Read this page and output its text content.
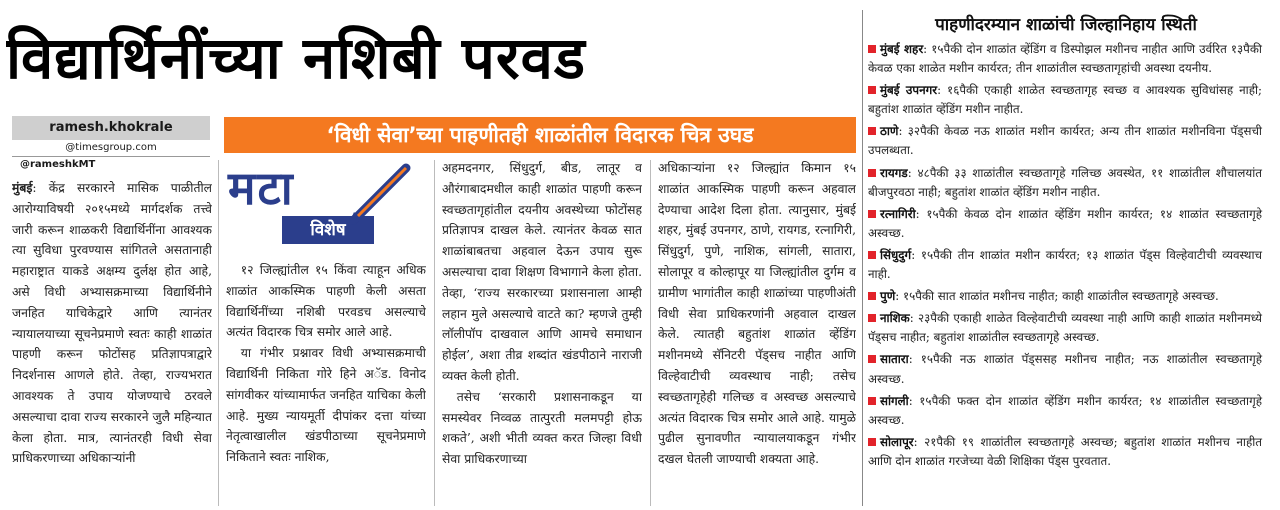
विद्यार्थिनींच्या नशिबी परवड
ramesh.khokrale
@timesgroup.com
@rameshkMT
‘विधी सेवा’च्या पाहणीतही शाळांतील विदारक चित्र उघड
मटा
विशेष

मुंबई: केंद्र सरकारने मासिक पाळीतील आरोग्याविषयी २०१५मध्ये मार्गदर्शक तत्त्वे जारी करून शाळकरी विद्यार्थिनींना आवश्यक त्या सुविधा पुरवण्यास सांगितले असतानाही महाराष्ट्रात याकडे अक्षम्य दुर्लक्ष होत आहे, असे विधी अभ्यासक्रमाच्या विद्यार्थिनीने जनहित याचिकेद्वारे आणि त्यानंतर न्यायालयाच्या सूचनेप्रमाणे स्वतः काही शाळांत पाहणी करून फोटोंसह प्रतिज्ञापत्राद्वारे निदर्शनास आणले होते. तेव्हा, राज्यभरात आवश्यक ते उपाय योजण्याचे ठरवले असल्याचा दावा राज्य सरकारने जुलै महिन्यात केला होता. मात्र, त्यानंतरही विधी सेवा प्राधिकरणाच्या अधिकाऱ्यांनी

१२ जिल्ह्यांतील १५ किंवा त्याहून अधिक शाळांत आकस्मिक पाहणी केली असता विद्यार्थिनींच्या नशिबी परवडच असल्याचे अत्यंत विदारक चित्र समोर आले आहे.

या गंभीर प्रश्नावर विधी अभ्यासक्रमाची विद्यार्थिनी निकिता गोरे हिने अॅड. विनोद सांगवीकर यांच्यामार्फत जनहित याचिका केली आहे. मुख्य न्यायमूर्ती दीपांकर दत्ता यांच्या नेतृत्वाखालील खंडपीठाच्या सूचनेप्रमाणे निकिताने स्वतः नाशिक,

अहमदनगर, सिंधुदुर्ग, बीड, लातूर व औरंगाबादमधील काही शाळांत पाहणी करून स्वच्छतागृहांतील दयनीय अवस्थेच्या फोटोंसह प्रतिज्ञापत्र दाखल केले. त्यानंतर केवळ सात शाळांबाबतचा अहवाल देऊन उपाय सुरू असल्याचा दावा शिक्षण विभागाने केला होता. तेव्हा, ‘राज्य सरकारच्या प्रशासनाला आम्ही लहान मुले असल्याचे वाटते का? म्हणजे तुम्ही लॉलीपॉप दाखवाल आणि आमचे समाधान होईल’, अशा तीव्र शब्दांत खंडपीठाने नाराजी व्यक्त केली होती.

तसेच ‘सरकारी प्रशासनाकडून या समस्येवर निव्वळ तात्पुरती मलमपट्टी होऊ शकते’, अशी भीती व्यक्त करत जिल्हा विधी सेवा प्राधिकरणाच्या

अधिकाऱ्यांना १२ जिल्ह्यांत किमान १५ शाळांत आकस्मिक पाहणी करून अहवाल देण्याचा आदेश दिला होता. त्यानुसार, मुंबई शहर, मुंबई उपनगर, ठाणे, रायगड, रत्नागिरी, सिंधुदुर्ग, पुणे, नाशिक, सांगली, सातारा, सोलापूर व कोल्हापूर या जिल्ह्यांतील दुर्गम व ग्रामीण भागांतील काही शाळांच्या पाहणीअंती विधी सेवा प्राधिकरणांनी अहवाल दाखल केले. त्यातही बहुतांश शाळांत व्हेंडिंग मशीनमध्ये सॅनिटरी पॅड्सच नाहीत आणि विल्हेवाटीची व्यवस्थाच नाही; तसेच स्वच्छतागृहेही गलिच्छ व अस्वच्छ असल्याचे अत्यंत विदारक चित्र समोर आले आहे. यामुळे पुढील सुनावणीत न्यायालयाकडून गंभीर दखल घेतली जाण्याची शक्यता आहे.

पाहणीदरम्यान शाळांची जिल्हानिहाय स्थिती
मुंबई शहर: १५पैकी दोन शाळांत व्हेंडिंग व डिस्पोझल मशीनच नाहीत आणि उर्वरित १३पैकी केवळ एका शाळेत मशीन कार्यरत; तीन शाळांतील स्वच्छतागृहांची अवस्था दयनीय.
मुंबई उपनगर: १६पैकी एकाही शाळेत स्वच्छतागृह स्वच्छ व आवश्यक सुविधांसह नाही; बहुतांश शाळांत व्हेंडिंग मशीन नाहीत.
ठाणे: ३२पैकी केवळ नऊ शाळांत मशीन कार्यरत; अन्य तीन शाळांत मशीनविना पॅड्सची उपलब्धता.
रायगड: ४८पैकी ३३ शाळांतील स्वच्छतागृहे गलिच्छ अवस्थेत, ११ शाळांतील शौचालयांत बीजपुरवठा नाही; बहुतांश शाळांत व्हेंडिंग मशीन नाहीत.
रत्नागिरी: १५पैकी केवळ दोन शाळांत व्हेंडिंग मशीन कार्यरत; १४ शाळांत स्वच्छतागृहे अस्वच्छ.
सिंधुदुर्ग: १५पैकी तीन शाळांत मशीन कार्यरत; १३ शाळांत पॅड्स विल्हेवाटीची व्यवस्थाच नाही.
पुणे: १५पैकी सात शाळांत मशीनच नाहीत; काही शाळांतील स्वच्छतागृहे अस्वच्छ.
नाशिक: २३पैकी एकाही शाळेत विल्हेवाटीची व्यवस्था नाही आणि काही शाळांत मशीनमध्ये पॅड्सच नाहीत; बहुतांश शाळांतील स्वच्छतागृहे अस्वच्छ.
सातारा: १५पैकी नऊ शाळांत पॅड्ससह मशीनच नाहीत; नऊ शाळांतील स्वच्छतागृहे अस्वच्छ.
सांगली: १५पैकी फक्त दोन शाळांत व्हेंडिंग मशीन कार्यरत; १४ शाळांतील स्वच्छतागृहे अस्वच्छ.
सोलापूर: २१पैकी १९ शाळांतील स्वच्छतागृहे अस्वच्छ; बहुतांश शाळांत मशीनच नाहीत आणि दोन शाळांत गरजेच्या वेळी शिक्षिका पॅड्स पुरवतात.
